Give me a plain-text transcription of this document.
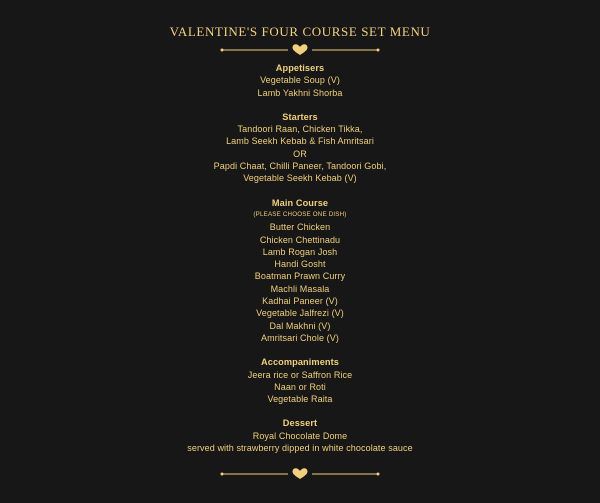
VALENTINE'S FOUR COURSE SET MENU
Appetisers
Vegetable Soup (V)
Lamb Yakhni Shorba
Starters
Tandoori Raan, Chicken Tikka,
Lamb Seekh Kebab & Fish Amritsari
OR
Papdi Chaat, Chilli Paneer, Tandoori Gobi,
Vegetable Seekh Kebab (V)
Main Course
(PLEASE CHOOSE ONE DISH)
Butter Chicken
Chicken Chettinadu
Lamb Rogan Josh
Handi Gosht
Boatman Prawn Curry
Machli Masala
Kadhai Paneer (V)
Vegetable Jalfrezi (V)
Dal Makhni (V)
Amritsari Chole (V)
Accompaniments
Jeera rice or Saffron Rice
Naan or Roti
Vegetable Raita
Dessert
Royal Chocolate Dome
served with strawberry dipped in white chocolate sauce
